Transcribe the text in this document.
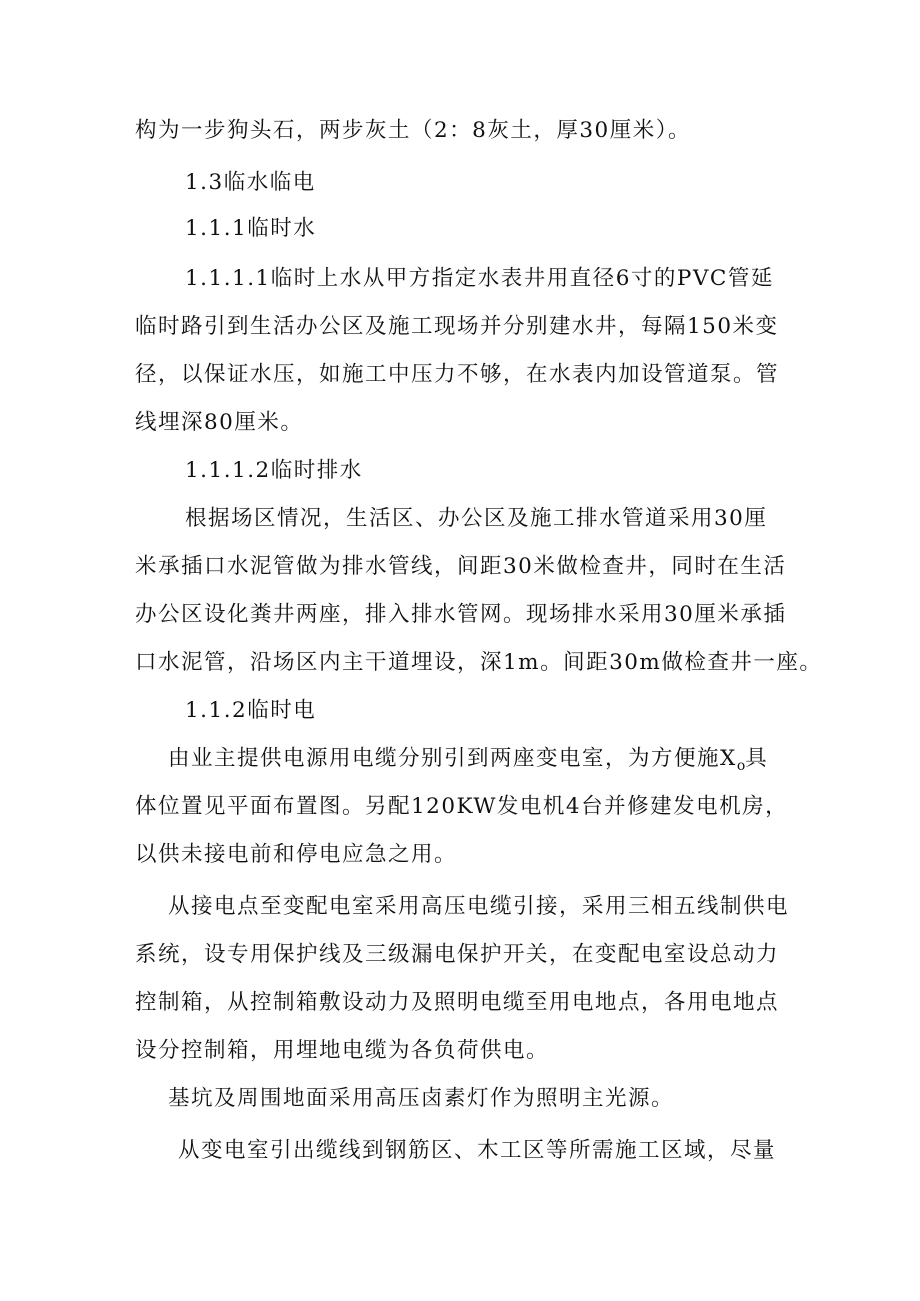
构为一步狗头石，两步灰土（2：8灰土，厚30厘米）。
1.3临水临电
1.1.1临时水
1.1.1.1临时上水从甲方指定水表井用直径6寸的PVC管延
临时路引到生活办公区及施工现场并分别建水井，每隔150米变
径，以保证水压，如施工中压力不够，在水表内加设管道泵。管
线埋深80厘米。
1.1.1.2临时排水
根据场区情况，生活区、办公区及施工排水管道采用30厘
米承插口水泥管做为排水管线，间距30米做检查井，同时在生活
办公区设化粪井两座，排入排水管网。现场排水采用30厘米承插
口水泥管，沿场区内主干道埋设，深1m。间距30m做检查井一座。
1.1.2临时电
由业主提供电源用电缆分别引到两座变电室，为方便施$X_o$具
体位置见平面布置图。另配120KW发电机4台并修建发电机房，
以供未接电前和停电应急之用。
从接电点至变配电室采用高压电缆引接，采用三相五线制供电
系统，设专用保护线及三级漏电保护开关，在变配电室设总动力
控制箱，从控制箱敷设动力及照明电缆至用电地点，各用电地点
设分控制箱，用埋地电缆为各负荷供电。
基坑及周围地面采用高压卤素灯作为照明主光源。
从变电室引出缆线到钢筋区、木工区等所需施工区域，尽量
